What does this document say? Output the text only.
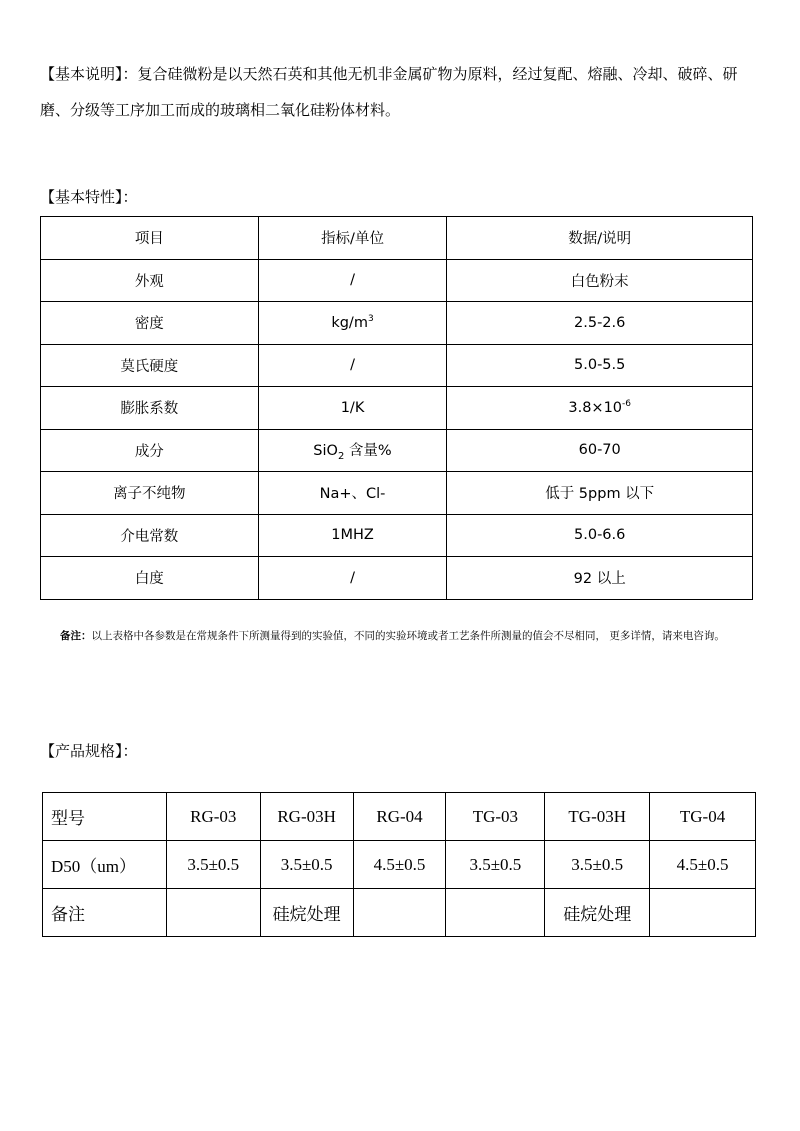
【基本说明】：复合硅微粉是以天然石英和其他无机非金属矿物为原料，经过复配、熔融、冷却、破碎、研磨、分级等工序加工而成的玻璃相二氧化硅粉体材料。

【基本特性】：

项目	指标/单位	数据/说明
外观	/	白色粉末
密度	$kg/m^3$	2.5-2.6
莫氏硬度	/	5.0-5.5
膨胀系数	1/K	$3.8\times 10^{-6}$
成分	SiO$_2$ 含量%	60-70
离子不纯物	Na+、Cl-	低于 5ppm 以下
介电常数	1MHZ	5.0-6.6
白度	/	92 以上

备注：以上表格中各参数是在常规条件下所测量得到的实验值，不同的实验环境或者工艺条件所测量的值会不尽相同， 更多详情，请来电咨询。

【产品规格】：

型号	RG-03	RG-03H	RG-04	TG-03	TG-03H	TG-04
D50（um）	3.5±0.5	3.5±0.5	4.5±0.5	3.5±0.5	3.5±0.5	4.5±0.5
备注		硅烷处理			硅烷处理	
